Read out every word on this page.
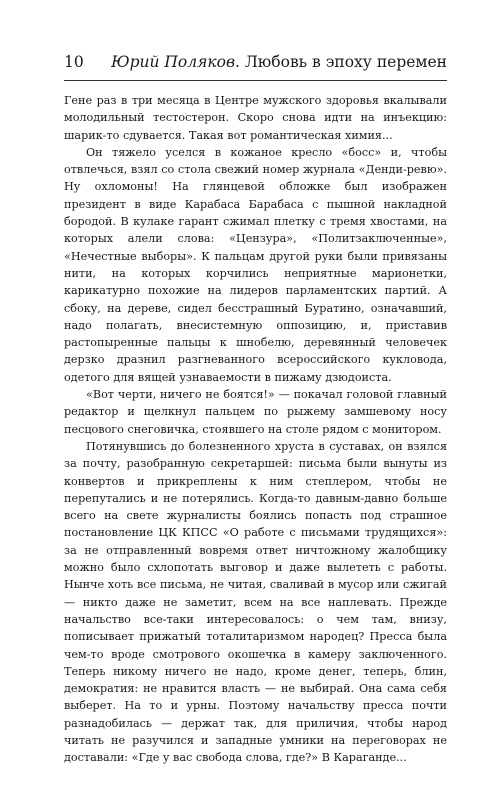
10 Юрий Поляков. Любовь в эпоху перемен

Гене раз в три месяца в Центре мужского здоровья вкалывали молодильный тестостерон. Скоро снова идти на инъекцию: шарик-то сдувается. Такая вот романтическая химия...

Он тяжело уселся в кожаное кресло «босс» и, чтобы отвлечься, взял со стола свежий номер журнала «Денди-ревю». Ну охломоны! На глянцевой обложке был изображен президент в виде Карабаса Барабаса с пышной накладной бородой. В кулаке гарант сжимал плетку с тремя хвостами, на которых алели слова: «Цензура», «Политзаключенные», «Нечестные выборы». К пальцам другой руки были привязаны нити, на которых корчились неприятные марионетки, карикатурно похожие на лидеров парламентских партий. А сбоку, на дереве, сидел бесстрашный Буратино, означавший, надо полагать, внесистемную оппозицию, и, приставив растопыренные пальцы к шнобелю, деревянный человечек дерзко дразнил разгневанного всероссийского кукловода, одетого для вящей узнаваемости в пижаму дзюдоиста.

«Вот черти, ничего не боятся!» — покачал головой главный редактор и щелкнул пальцем по рыжему замшевому носу песцового снеговичка, стоявшего на столе рядом с монитором.

Потянувшись до болезненного хруста в суставах, он взялся за почту, разобранную секретаршей: письма были вынуты из конвертов и прикреплены к ним степлером, чтобы не перепутались и не потерялись. Когда-то давным-давно больше всего на свете журналисты боялись попасть под страшное постановление ЦК КПСС «О работе с письмами трудящихся»: за не отправленный вовремя ответ ничтожному жалобщику можно было схлопотать выговор и даже вылететь с работы. Нынче хоть все письма, не читая, сваливай в мусор или сжигай — никто даже не заметит, всем на все наплевать. Прежде начальство все-таки интересовалось: о чем там, внизу, пописывает прижатый тоталитаризмом народец? Пресса была чем-то вроде смотрового окошечка в камеру заключенного. Теперь никому ничего не надо, кроме денег, теперь, блин, демократия: не нравится власть — не выбирай. Она сама себя выберет. На то и урны. Поэтому начальству пресса почти разнадобилась — держат так, для приличия, чтобы народ читать не разучился и западные умники на переговорах не доставали: «Где у вас свобода слова, где?» В Караганде...
